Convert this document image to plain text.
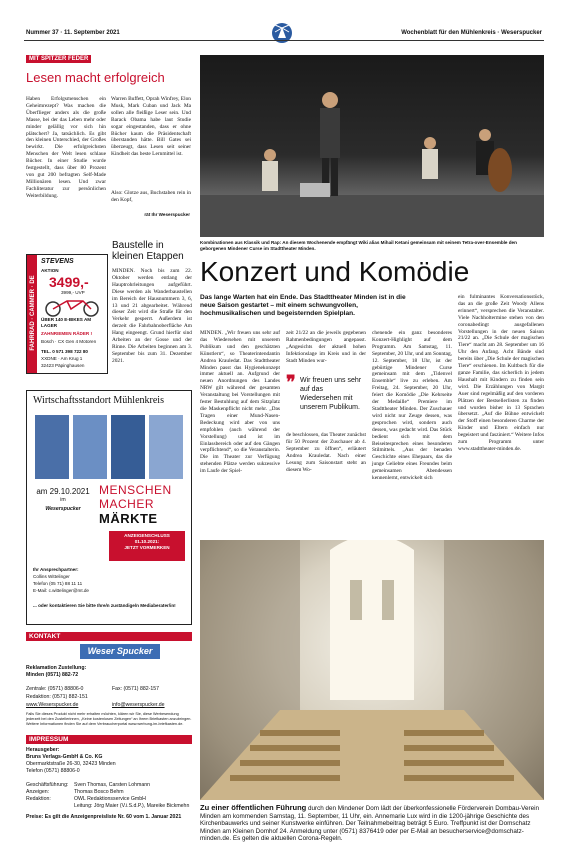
Nummer 37 · 11. September 2021	Wochenblatt für den Mühlenkreis · Weserspucker
MIT SPITZER FEDER
Lesen macht erfolgreich
Haben Erfolgsmenschen ein Geheimrezept? Was machen die Überflieger anders als die große Masse, bei der das Leben mehr oder minder gelällig vor sich hin plätschert? Ja, tatsächlich. Es gibt den kleinen Unterschied, der Großes bewirkt. Die erfolgreichsten Menschen der Welt lesen schlaue Bücher. In einer Studie wurde festgestellt, dass über 80 Prozent von gut 200 befragten Self-Made Millionären lesen. Und zwar Fachliteratur zur persönlichen Weiterbildung.
Warren Buffett, Oprah Winfrey, Elon Musk, Mark Cuban und Jack Ma sollen alle fleißige Leser sein. Und Barack Obama habe laut Studie sogar eingestanden, dass er ohne Bücher kaum die Präsidentschaft überstanden hätte. Bill Gates sei überzeugt, dass Lesen seit seiner Kindheit das beste Lernmittel ist.
Also: Glotze aus, Buchstaben rein in den Kopf,
rät Ihr Weserspucker
Kombinationen aus Klassik und Rap: An diesem Wochenende empfängt Wiki alias Mihail Ketani gemeinsam mit seinem Tetra-over-Ensemble den geborgenen Mindener Curse im Stadttheater Minden.
FAHRRAD · CAMMER · DE
STEVENS
AKTION
3499,-
3999,- UVP
ÜBER 140 E-BIKES AM LAGER
ZAHNRIEMEN RÄDER !
Bosch · CX Gen 4 Motoren
TEL. 0 571 398 722 80
XXDNE · Am Krug 1
32423 Päpinghausen
Baustelle in kleinen Etappen
MINDEN. Noch bis zum 22. Oktober werden entlang der Hauptrohrleitungen aufgeführt. Diese werden als Wanderbaustellen im Bereich der Hausnummern 3, 6, 13 und 21 abgearbeitet. Während dieser Zeit wird die Straße für den Verkehr gesperrt. Außerdem ist derzeit die Fahrbahnoberfläche Am Hang eingeengt. Grund hierfür sind Arbeiten an der Gosse und der Rinne. Die Arbeiten beginnen am 3. September bis zum 31. Dezember 2021.
Wirtschaftsstandort Mühlenkreis
am 29.10.2021
im
Weserspucker
MENSCHEN
MACHER
MÄRKTE
ANZEIGENSCHLUSS
01.10.2021:
JETZT VORMERKEN
Ihr Ansprechpartner:
Collins Wittelinger
Telefon (05 71) 88 11 11
E-Mail: c.wittelinger@mt.de
... oder kontaktieren Sie bitte Ihre/n zuständige/n Mediaberater/in!
KONTAKT
Weser Spucker
Reklamation Zustellung:
Minden (0571) 882-72
Zentrale: (0571) 88806-0	Fax: (0571) 882-157
Redaktion: (0571) 882-151
www.Weserspucker.de	info@weserspucker.de
Falls Sie dieses Produkt nicht mehr erhalten möchten, klären wir Sie, diese Werbesendung jederzeit bei den Zustellerinnen, „Keine kostenlosen Zeitungen“ an Ihrem Briefkasten anzubringen. Weitere Informationen finden Sie auf dem Verbraucherportal www.werbung-im-briefkasten.de.
IMPRESSUM
Herausgeber:
Bruns Verlags-GmbH & Co. KG
Obermarktstraße 26-30, 32423 Minden
Telefon (0571) 88806-0
Geschäftsführung: Sven Thomas, Carsten Lohmann
Anzeigen:	Thomas Bosco Behm
Redaktion:	OWL Redaktionsservice GmbH
Leitung: Jörg Maier (V.i.S.d.P.), Mareike Bickmehn
Preise: Es gilt die Anzeigenpreisliste Nr. 60 vom 1. Januar 2021
Konzert und Komödie
Das lange Warten hat ein Ende. Das Stadttheater Minden ist in die neue Saison gestartet – mit einem schwungvollen, hochmusikalischen und begeisternden Spielplan.
MINDEN. „Wir freuen uns sehr auf das Wiedersehen mit unserem Publikum und den geschätzten Künstlern“, so Theaterintendantin Andrea Krauledat. Das Stadttheater Minden passt das Hygienekonzept immer aktuell an. Aufgrund der neuen Anordnungen des Landes NRW gilt während der gesamten Veranstaltung bei Vorstellungen mit fester Bestuhlung auf dem Sitzplatz die Maskenpflicht nicht mehr. „Das Tragen einer Mund-Nasen-Bedeckung wird aber von uns empfohlen (auch während der Vorstellung) und ist im Einlassbereich oder auf den Gängen verpflichtend“, so die Veranstalterin. Die im Theater zur Verfügung stehenden Plätze werden sukzessive im Laufe der Spiel-
zeit 21/22 an die jeweils gegebenen Rahmenbedingungen angepasst. „Angesichts der aktuell hohen Infektionslage im Kreis und in der Stadt Minden wur-
❞ Wir freuen uns sehr auf das Wiedersehen mit unserem Publikum.
de beschlossen, das Theater zunächst für 50 Prozent der Zuschauer ab 4. September zu öffnen“, erläutert Andrea Krauledat. Nach einer Lesung zum Saisonstart steht an diesem Wo-
chenende ein ganz besonderes Konzert-Highlight auf dem Programm. Am Samstag, 11. September, 20 Uhr, und am Sonntag, 12. September, 18 Uhr, ist der gebürtige Mindener Curse gemeinsam mit dem „Tidenvel Ensemble“ live zu erleben. Am Freitag, 24. September, 20 Uhr, feiert die Komödie „Die Kehrseite der Medaille“ Premiere im Stadttheater Minden. Der Zuschauer wird nicht nur Zeuge dessen, was gesprochen wird, sondern auch dessen, was gedacht wird. Das Stück bedient sich mit dem Beiseitesprechen eines besonderen Stilmittels. „Aus der benaden Geschichte eines Ehepaars, das die junge Geliebte eines Freundes beim gemeinsamen Abendessen kennenlernt, entwickelt sich
ein fulminantes Konversationsstück, das an die große Zeit Woody Allens erinnert“, versprechen die Veranstalter. Viele Nachholtermine stehen von den coronabedingt ausgefallenen Vorstellungen in der neuen Saison 21/22 an. „Die Schule der magischen Tiere“ macht am 28. September um 16 Uhr den Anfang. Acht Bände sind bereits über „Die Schule der magischen Tiere“ erschienen. Im Kultbuch für die ganze Familie, das sicherlich in jedem Haushalt mit Kindern zu finden sein wird. Die Erzählungen von Margit Auer sind regelmäßig auf den vorderen Plätzen der Bestsellerlisten zu finden und wurden bisher in 13 Sprachen übersetzt. „Auf die Bühne entwickelt der Stoff einen besonderen Charme der Kinder und Eltern einfach nur begeistert und fasziniert.“ Weitere Infos zum Programm unter www.stadttheater-minden.de.
Zu einer öffentlichen Führung durch den Mindener Dom lädt der überkonfessionelle Förderverein Dombau-Verein Minden am kommenden Samstag, 11. September, 11 Uhr, ein. Annemarie Lux wird in die 1200-jährige Geschichte des Kirchenbauwerks und seiner Kunstwerke einführen. Der Teilnahmebeitrag beträgt 5 Euro. Treffpunkt ist der Domschatz Minden am Kleinen Domhof 24. Anmeldung unter (0571) 8376419 oder per E-Mail an besucherservice@domschatz-minden.de. Es gelten die aktuellen Corona-Regeln.
